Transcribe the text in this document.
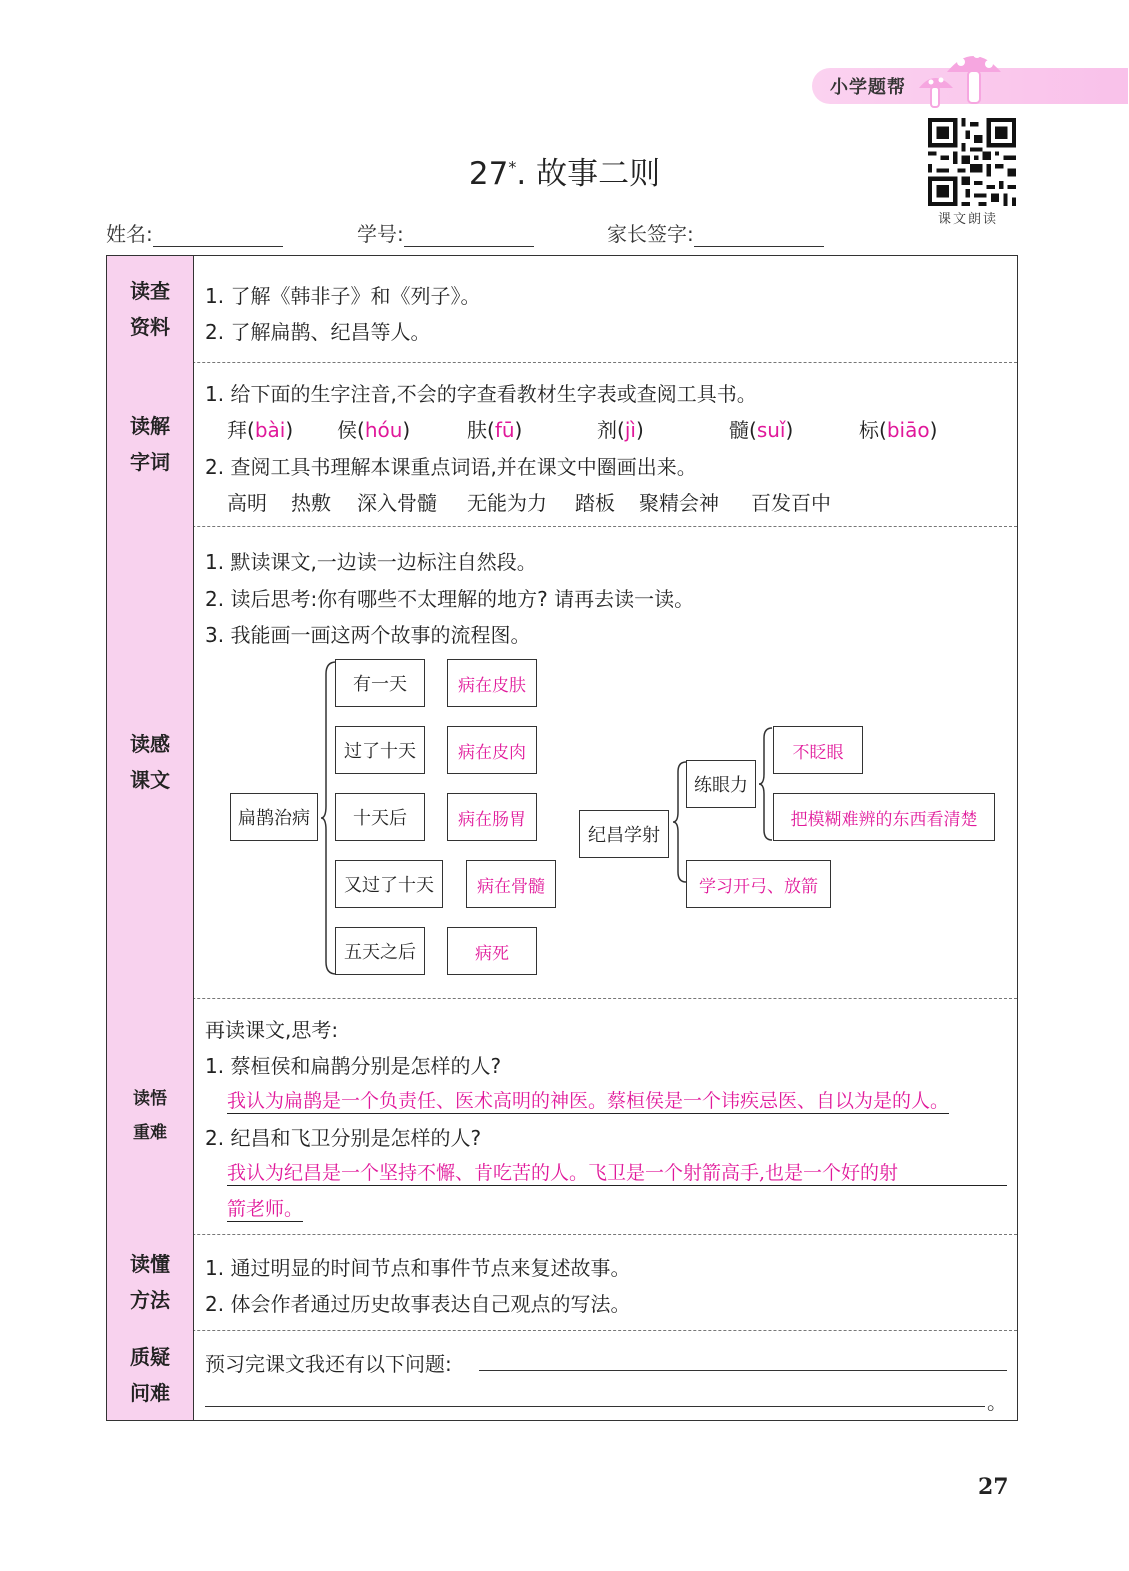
小学题帮
课文朗读
27*. 故事二则
姓名:	学号:	家长签字:
读查
资料
1. 了解《韩非子》和《列子》。
2. 了解扁鹊、纪昌等人。
读解
字词
1. 给下面的生字注音,不会的字查看教材生字表或查阅工具书。
拜(bài) 侯(hóu)	肤(fū)	剂(jì)	髓(suǐ)	标(biāo)
2. 查阅工具书理解本课重点词语,并在课文中圈画出来。
高明 热敷 深入骨髓 无能为力 踏板 聚精会神 百发百中
读感
课文
1. 默读课文,一边读一边标注自然段。
2. 读后思考:你有哪些不太理解的地方? 请再去读一读。
3. 我能画一画这两个故事的流程图。
读悟
重难
再读课文,思考:
1. 蔡桓侯和扁鹊分别是怎样的人?
我认为扁鹊是一个负责任、医术高明的神医。蔡桓侯是一个讳疾忌医、自以为是的人。
2. 纪昌和飞卫分别是怎样的人?
我认为纪昌是一个坚持不懈、肯吃苦的人。飞卫是一个射箭高手,也是一个好的射
箭老师。
读懂
方法
1. 通过明显的时间节点和事件节点来复述故事。
2. 体会作者通过历史故事表达自己观点的写法。
质疑
问难
预习完课文我还有以下问题:
。
扁鹊治病
有一天
过了十天
十天后
又过了十天
五天之后
病在皮肤
病在皮肉
病在肠胃
病在骨髓
病死
纪昌学射
练眼力
不眨眼
把模糊难辨的东西看清楚
学习开弓、放箭
27
